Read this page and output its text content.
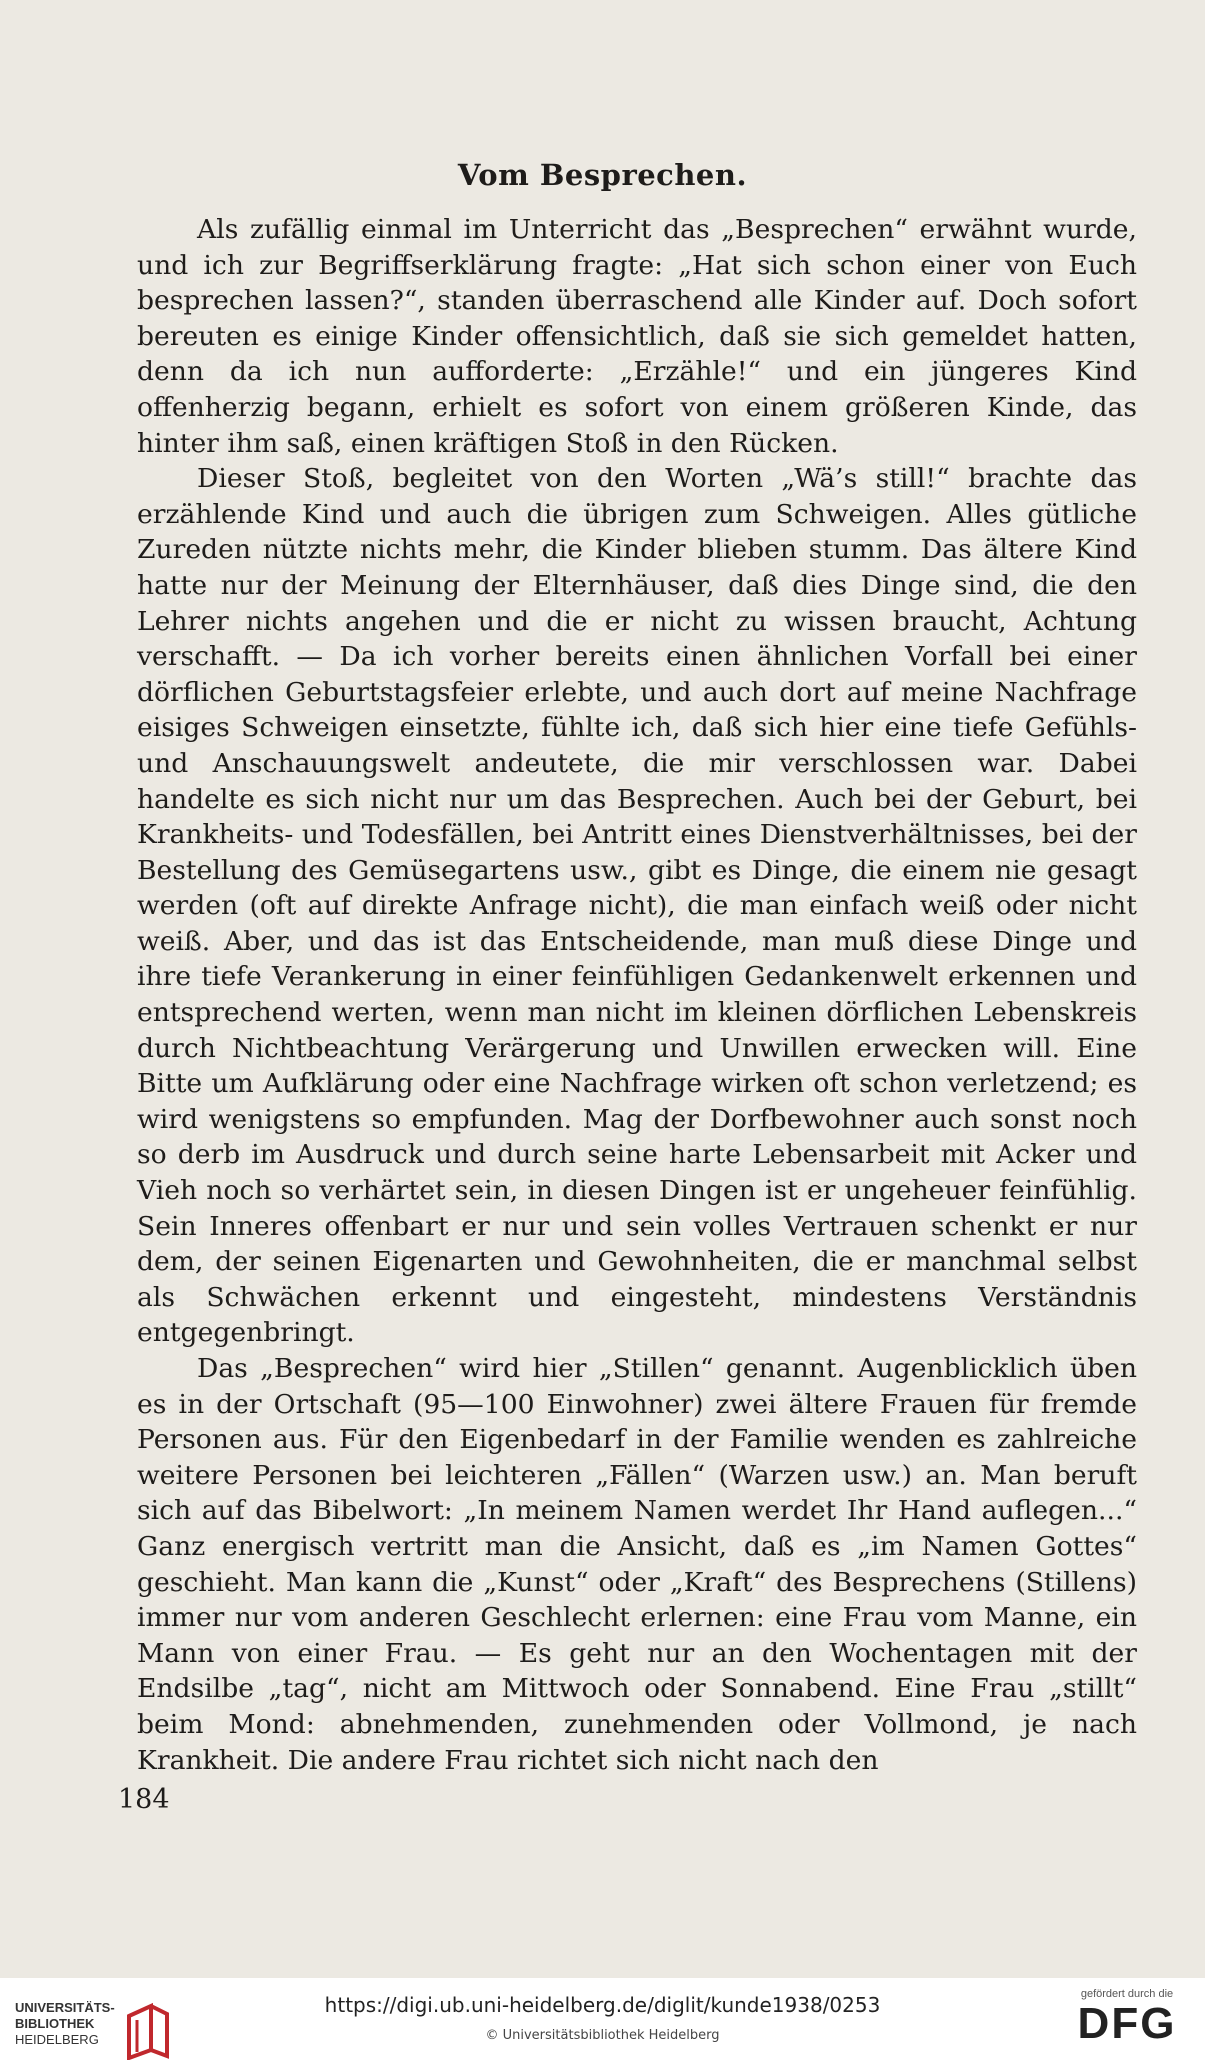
Vom Besprechen.

Als zufällig einmal im Unterricht das „Besprechen“ erwähnt wurde, und ich zur Begriffserklärung fragte: „Hat sich schon einer von Euch besprechen lassen?“, standen überraschend alle Kinder auf. Doch sofort bereuten es einige Kinder offensichtlich, daß sie sich gemeldet hatten, denn da ich nun aufforderte: „Erzähle!“ und ein jüngeres Kind offenherzig begann, erhielt es sofort von einem größeren Kinde, das hinter ihm saß, einen kräftigen Stoß in den Rücken.

Dieser Stoß, begleitet von den Worten „Wä’s still!“ brachte das erzählende Kind und auch die übrigen zum Schweigen. Alles gütliche Zureden nützte nichts mehr, die Kinder blieben stumm. Das ältere Kind hatte nur der Meinung der Elternhäuser, daß dies Dinge sind, die den Lehrer nichts angehen und die er nicht zu wissen braucht, Achtung verschafft. — Da ich vorher bereits einen ähnlichen Vorfall bei einer dörflichen Geburtstagsfeier erlebte, und auch dort auf meine Nachfrage eisiges Schweigen einsetzte, fühlte ich, daß sich hier eine tiefe Gefühls- und Anschauungswelt andeutete, die mir verschlossen war. Dabei handelte es sich nicht nur um das Besprechen. Auch bei der Geburt, bei Krankheits- und Todesfällen, bei Antritt eines Dienstverhältnisses, bei der Bestellung des Gemüsegartens usw., gibt es Dinge, die einem nie gesagt werden (oft auf direkte Anfrage nicht), die man einfach weiß oder nicht weiß. Aber, und das ist das Entscheidende, man muß diese Dinge und ihre tiefe Verankerung in einer feinfühligen Gedankenwelt erkennen und entsprechend werten, wenn man nicht im kleinen dörflichen Lebenskreis durch Nichtbeachtung Verärgerung und Unwillen erwecken will. Eine Bitte um Aufklärung oder eine Nachfrage wirken oft schon verletzend; es wird wenigstens so empfunden. Mag der Dorfbewohner auch sonst noch so derb im Ausdruck und durch seine harte Lebensarbeit mit Acker und Vieh noch so verhärtet sein, in diesen Dingen ist er ungeheuer feinfühlig. Sein Inneres offenbart er nur und sein volles Vertrauen schenkt er nur dem, der seinen Eigenarten und Gewohnheiten, die er manchmal selbst als Schwächen erkennt und eingesteht, mindestens Verständnis entgegenbringt.

Das „Besprechen“ wird hier „Stillen“ genannt. Augenblicklich üben es in der Ortschaft (95—100 Einwohner) zwei ältere Frauen für fremde Personen aus. Für den Eigenbedarf in der Familie wenden es zahlreiche weitere Personen bei leichteren „Fällen“ (Warzen usw.) an. Man beruft sich auf das Bibelwort: „In meinem Namen werdet Ihr Hand auflegen...“ Ganz energisch vertritt man die Ansicht, daß es „im Namen Gottes“ geschieht. Man kann die „Kunst“ oder „Kraft“ des Besprechens (Stillens) immer nur vom anderen Geschlecht erlernen: eine Frau vom Manne, ein Mann von einer Frau. — Es geht nur an den Wochentagen mit der Endsilbe „tag“, nicht am Mittwoch oder Sonnabend. Eine Frau „stillt“ beim Mond: abnehmenden, zunehmenden oder Vollmond, je nach Krankheit. Die andere Frau richtet sich nicht nach den

184
UNIVERSITÄTS-
BIBLIOTHEK
HEIDELBERG
https://digi.ub.uni-heidelberg.de/diglit/kunde1938/0253
© Universitätsbibliothek Heidelberg
gefördert durch die
DFG
